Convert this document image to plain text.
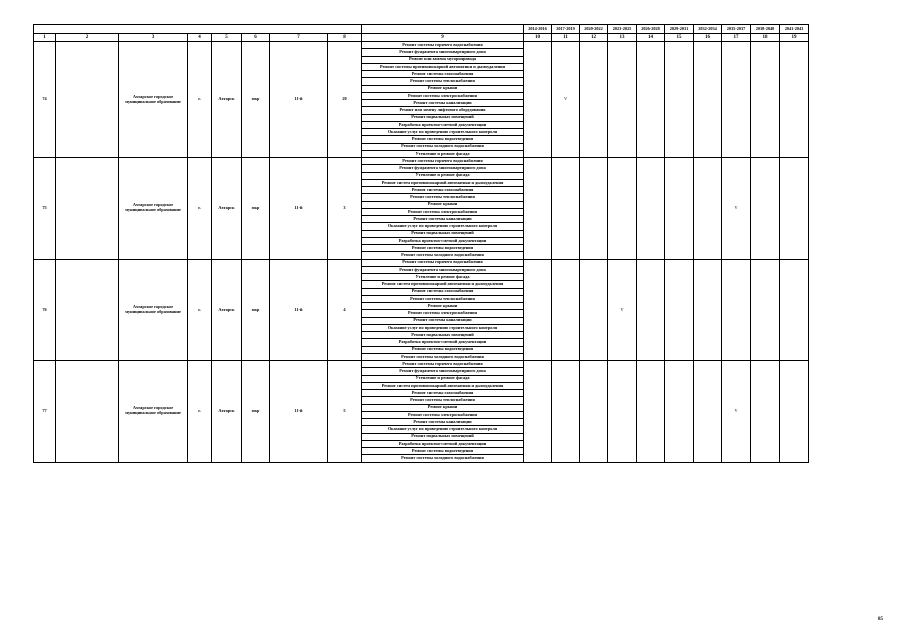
									2014-2016	2017-2019	2020-2022	2023-2025	2026-2028	2029-2031	2032-2034	2035-2037	2038-2040	2041-2043
1	2	3	4	5	6	7	8	9	10	11	12	13	14	15	16	17	18	19
74		Ахтарское городское муниципальное образование	г.	Ахтарск	мкр	11-й	20	Ремонт системы горячего водоснабжения		V								
								Ремонт фундамента многоквартирного дома										
								Ремонт или замена мусоропровода										
								Ремонт системы противопожарной автоматики и дымоудаления										
								Ремонт системы газоснабжения										
								Ремонт системы теплоснабжения										
								Ремонт крыши										
								Ремонт системы электроснабжения										
								Ремонт системы канализации										
								Ремонт или замену лифтового оборудования										
								Ремонт подвальных помещений										
								Разработка проектно-сметной документации										
								Оказание услуг по проведению строительного контроля										
								Ремонт системы водоотведения										
								Ремонт системы холодного водоснабжения										
								Утепление и ремонт фасада										
75		Ахтарское городское муниципальное образование	г.	Ахтарск	мкр	11-й	3	Ремонт системы горячего водоснабжения								V		
								Ремонт фундамента многоквартирного дома										
								Утепление и ремонт фасада										
								Ремонт систем противопожарной автоматики и дымоудаления										
								Ремонт системы газоснабжения										
								Ремонт системы теплоснабжения										
								Ремонт крыши										
								Ремонт системы электроснабжения										
								Ремонт системы канализации										
								Оказание услуг по проведению строительного контроля										
								Ремонт подвальных помещений										
								Разработка проектно-сметной документации										
								Ремонт системы водоотведения										
								Ремонт системы холодного водоснабжения										
76		Ахтарское городское муниципальное образование	г.	Ахтарск	мкр	11-й	4	Ремонт системы горячего водоснабжения				V						
								Ремонт фундамента многоквартирного дома										
								Утепление и ремонт фасада										
								Ремонт систем противопожарной автоматики и дымоудаления										
								Ремонт системы газоснабжения										
								Ремонт системы теплоснабжения										
								Ремонт крыши										
								Ремонт системы электроснабжения										
								Ремонт системы канализации										
								Оказание услуг по проведению строительного контроля										
								Ремонт подвальных помещений										
								Разработка проектно-сметной документации										
								Ремонт системы водоотведения										
								Ремонт системы холодного водоснабжения										
77		Ахтарское городское муниципальное образование	г.	Ахтарск	мкр	11-й	5	Ремонт системы горячего водоснабжения								V		
								Ремонт фундамента многоквартирного дома										
								Утепление и ремонт фасада										
								Ремонт систем противопожарной автоматики и дымоудаления										
								Ремонт системы газоснабжения										
								Ремонт системы теплоснабжения										
								Ремонт крыши										
								Ремонт системы электроснабжения										
								Ремонт системы канализации										
								Оказание услуг по проведению строительного контроля										
								Ремонт подвальных помещений										
								Разработка проектно-сметной документации										
								Ремонт системы водоотведения										
								Ремонт системы холодного водоснабжения										
85
